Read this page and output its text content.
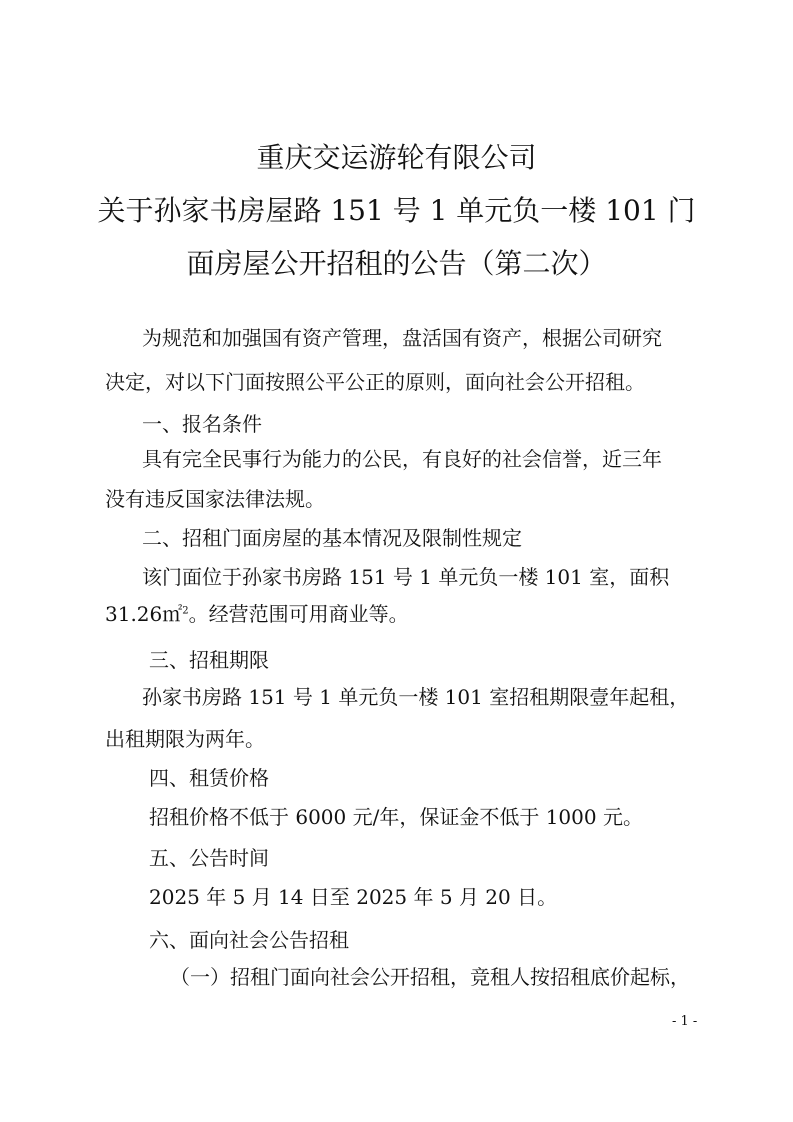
重庆交运游轮有限公司
关于孙家书房屋路 151 号 1 单元负一楼 101 门
面房屋公开招租的公告（第二次）

为规范和加强国有资产管理，盘活国有资产，根据公司研究

决定，对以下门面按照公平公正的原则，面向社会公开招租。

一、报名条件

具有完全民事行为能力的公民，有良好的社会信誉，近三年

没有违反国家法律法规。

二、招租门面房屋的基本情况及限制性规定

该门面位于孙家书房路 151 号 1 单元负一楼 101 室，面积

31.26㎡$^2$。经营范围可用商业等。

三、招租期限

孙家书房路 151 号 1 单元负一楼 101 室招租期限壹年起租，

出租期限为两年。

四、租赁价格

招租价格不低于 6000 元/年，保证金不低于 1000 元。

五、公告时间

2025 年 5 月 14 日至 2025 年 5 月 20 日。

六、面向社会公告招租

（一）招租门面向社会公开招租，竞租人按招租底价起标，

- 1 -
